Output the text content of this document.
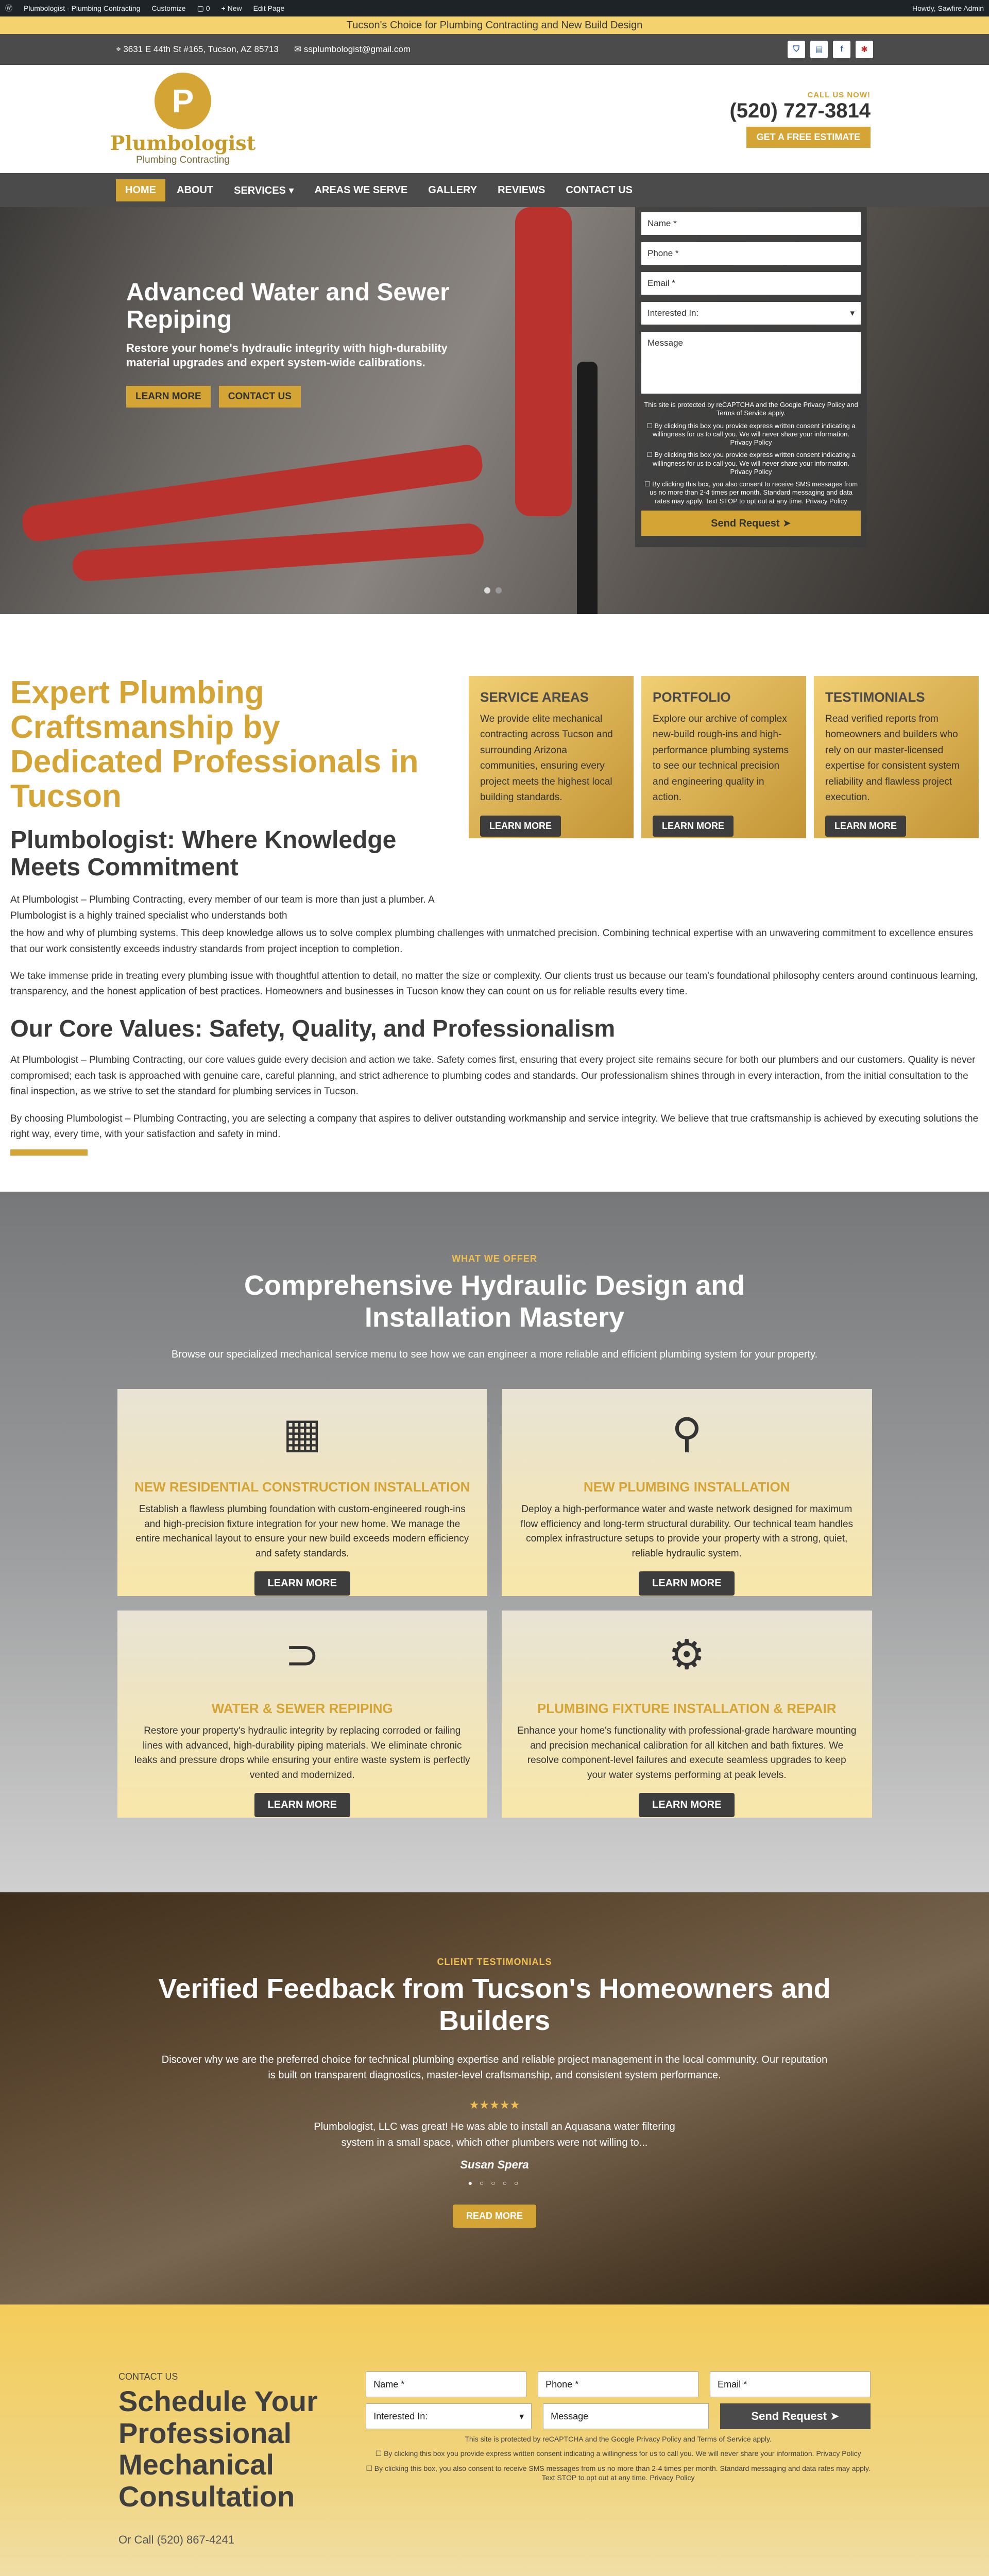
Ⓦ Plumbologist - Plumbing Contracting Customize ▢ 0 + New Edit Page	Howdy, Sawfire Admin
Tucson's Choice for Plumbing Contracting and New Build Design
⌖ 3631 E 44th St #165, Tucson, AZ 85713 ✉ ssplumbologist@gmail.com	⛉	▤	f	✱
P
Plumbologist
Plumbing Contracting
CALL US NOW!
(520) 727-3814
GET A FREE ESTIMATE
HOME	ABOUT	SERVICES ▾	AREAS WE SERVE	GALLERY	REVIEWS	CONTACT US
Advanced Water and Sewer Repiping

Restore your home's hydraulic integrity with high-durability material upgrades and expert system-wide calibrations.

LEARN MORE	CONTACT US
Name *
Phone *
Email *
Interested In:	▾
Message
This site is protected by reCAPTCHA and the Google Privacy Policy and Terms of Service apply.
☐ By clicking this box you provide express written consent indicating a willingness for us to call you. We will never share your information. Privacy Policy
☐ By clicking this box you provide express written consent indicating a willingness for us to call you. We will never share your information. Privacy Policy
☐ By clicking this box, you also consent to receive SMS messages from us no more than 2-4 times per month. Standard messaging and data rates may apply. Text STOP to opt out at any time. Privacy Policy
Send Request ➤
Expert Plumbing Craftsmanship by Dedicated Professionals in Tucson
Plumbologist: Where Knowledge Meets Commitment

At Plumbologist – Plumbing Contracting, every member of our team is more than just a plumber. A Plumbologist is a highly trained specialist who understands both

SERVICE AREAS

We provide elite mechanical contracting across Tucson and surrounding Arizona communities, ensuring every project meets the highest local building standards.

LEARN MORE
PORTFOLIO

Explore our archive of complex new-build rough-ins and high-performance plumbing systems to see our technical precision and engineering quality in action.

LEARN MORE
TESTIMONIALS

Read verified reports from homeowners and builders who rely on our master-licensed expertise for consistent system reliability and flawless project execution.

LEARN MORE

the how and why of plumbing systems. This deep knowledge allows us to solve complex plumbing challenges with unmatched precision. Combining technical expertise with an unwavering commitment to excellence ensures that our work consistently exceeds industry standards from project inception to completion.

We take immense pride in treating every plumbing issue with thoughtful attention to detail, no matter the size or complexity. Our clients trust us because our team's foundational philosophy centers around continuous learning, transparency, and the honest application of best practices. Homeowners and businesses in Tucson know they can count on us for reliable results every time.

Our Core Values: Safety, Quality, and Professionalism

At Plumbologist – Plumbing Contracting, our core values guide every decision and action we take. Safety comes first, ensuring that every project site remains secure for both our plumbers and our customers. Quality is never compromised; each task is approached with genuine care, careful planning, and strict adherence to plumbing codes and standards. Our professionalism shines through in every interaction, from the initial consultation to the final inspection, as we strive to set the standard for plumbing services in Tucson.

By choosing Plumbologist – Plumbing Contracting, you are selecting a company that aspires to deliver outstanding workmanship and service integrity. We believe that true craftsmanship is achieved by executing solutions the right way, every time, with your satisfaction and safety in mind.

WHAT WE OFFER
Comprehensive Hydraulic Design and Installation Mastery
Browse our specialized mechanical service menu to see how we can engineer a more reliable and efficient plumbing system for your property.
▦
NEW RESIDENTIAL CONSTRUCTION INSTALLATION

Establish a flawless plumbing foundation with custom-engineered rough-ins and high-precision fixture integration for your new home. We manage the entire mechanical layout to ensure your new build exceeds modern efficiency and safety standards.

LEARN MORE
⚲
NEW PLUMBING INSTALLATION

Deploy a high-performance water and waste network designed for maximum flow efficiency and long-term structural durability. Our technical team handles complex infrastructure setups to provide your property with a strong, quiet, reliable hydraulic system.

LEARN MORE
⊃
WATER & SEWER REPIPING

Restore your property's hydraulic integrity by replacing corroded or failing lines with advanced, high-durability piping materials. We eliminate chronic leaks and pressure drops while ensuring your entire waste system is perfectly vented and modernized.

LEARN MORE
⚙
PLUMBING FIXTURE INSTALLATION & REPAIR

Enhance your home's functionality with professional-grade hardware mounting and precision mechanical calibration for all kitchen and bath fixtures. We resolve component-level failures and execute seamless upgrades to keep your water systems performing at peak levels.

LEARN MORE
CLIENT TESTIMONIALS
Verified Feedback from Tucson's Homeowners and Builders
Discover why we are the preferred choice for technical plumbing expertise and reliable project management in the local community. Our reputation is built on transparent diagnostics, master-level craftsmanship, and consistent system performance.
★★★★★
Plumbologist, LLC was great! He was able to install an Aquasana water filtering system in a small space, which other plumbers were not willing to...
Susan Spera
● ○ ○ ○ ○
READ MORE
CONTACT US
Schedule Your Professional Mechanical Consultation
Or Call (520) 867-4241
Name *	Phone *	Email *
Interested In:	▾	Message	Send Request
➤
This site is protected by reCAPTCHA and the Google Privacy Policy and Terms of Service apply.
☐ By clicking this box you provide express written consent indicating a willingness for us to call you. We will never share your information. Privacy Policy
☐ By clicking this box, you also consent to receive SMS messages from us no more than 2-4 times per month. Standard messaging and data rates may apply. Text STOP to opt out at any time. Privacy Policy
